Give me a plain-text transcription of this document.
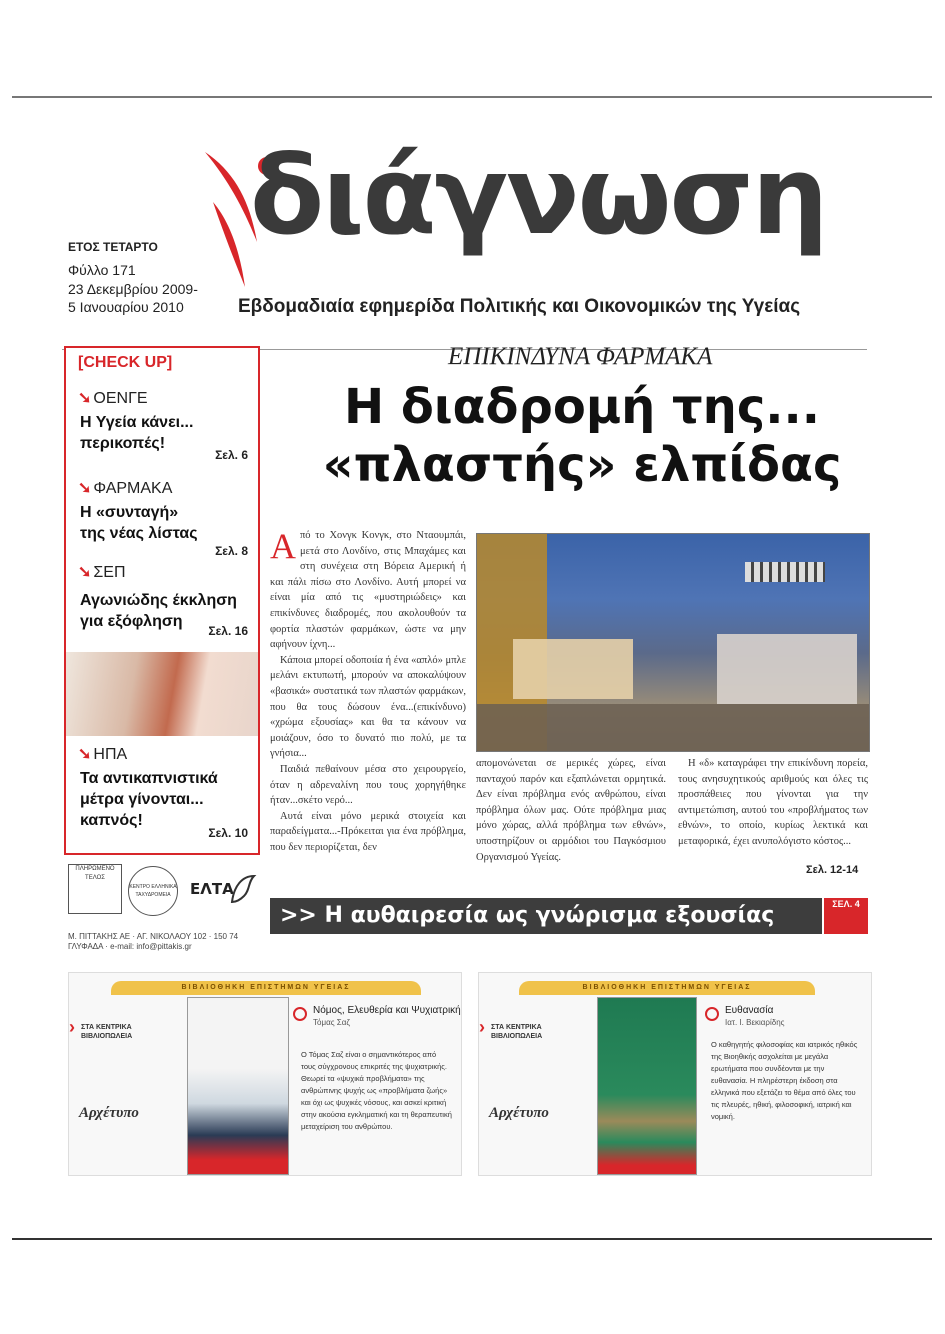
διάγνωση
ΕΤΟΣ ΤΕΤΑΡΤΟ
Φύλλο 171
23 Δεκεμβρίου 2009-
5 Ιανουαρίου 2010	Εβδομαδιαία εφημερίδα Πολιτικής και Οικονομικών της Υγείας
[CHECK UP]
➘ ΟΕΝΓΕ
Η Υγεία κάνει...
περικοπές!
Σελ. 6
➘ ΦΑΡΜΑΚΑ
Η «συνταγή»
της νέας λίστας
Σελ. 8
➘ ΣΕΠ
Αγωνιώδης έκκληση
για εξόφληση
Σελ. 16
➘ ΗΠΑ
Τα αντικαπνιστικά
μέτρα γίνονται...
καπνός!
Σελ. 10
ΕΠΙΚΙΝΔΥΝΑ ΦΑΡΜΑΚΑ
Η διαδρομή της...
«πλαστής» ελπίδας
Από το Χονγκ Κονγκ, στο Νταουμπάι, μετά στο Λονδίνο, στις Μπαχάμες και στη συνέχεια στη Βόρεια Αμερική ή και πάλι πίσω στο Λονδίνο. Αυτή μπορεί να είναι μία από τις «μυστηριώδεις» και επικίνδυνες διαδρομές, που ακολουθούν τα φορτία πλαστών φαρμάκων, ώστε να μην αφήνουν ίχνη...
Κάποια μπορεί οδοποιία ή ένα «απλό» μπλε μελάνι εκτυπωτή, μπορούν να αποκαλύψουν «βασικά» συστατικά των πλαστών φαρμάκων, που θα τους δώσουν ένα...(επικίνδυνο) «χρώμα εξουσίας» και θα τα κάνουν να μοιάζουν, όσο το δυνατό πιο πολύ, με τα γνήσια...
Παιδιά πεθαίνουν μέσα στο χειρουργείο, όταν η αδρεναλίνη που τους χορηγήθηκε ήταν...σκέτο νερό...
Αυτά είναι μόνο μερικά στοιχεία και παραδείγματα...-Πρόκειται για ένα πρόβλημα, που δεν περιορίζεται, δεν
απομονώνεται σε μερικές χώρες, είναι πανταχού παρόν και εξαπλώνεται ορμητικά. Δεν είναι πρόβλημα ενός ανθρώπου, είναι πρόβλημα όλων μας. Ούτε πρόβλημα μιας μόνο χώρας, αλλά πρόβλημα των εθνών», υποστηρίζουν οι αρμόδιοι του Παγκόσμιου Οργανισμού Υγείας.
Η «δ» καταγράφει την επικίνδυνη πορεία, τους ανησυχητικούς αριθμούς και όλες τις προσπάθειες που γίνονται για την αντιμετώπιση, αυτού του «προβλήματος των εθνών», το οποίο, κυρίως λεκτικά και μεταφορικά, έχει ανυπολόγιστο κόστος...
Σελ. 12-14
ΠΛΗΡΩΜΕΝΟ ΤΕΛΟΣ
ΚΕΝΤΡΟ ΕΛΛΗΝΙΚΑ ΤΑΧΥΔΡΟΜΕΙΑ	ΕΛΤΑ
Μ. ΠΙΤΤΑΚΗΣ ΑΕ · ΑΓ. ΝΙΚΟΛΑΟΥ 102 · 150 74 ΓΛΥΦΑΔΑ · e-mail: info@pittakis.gr
>> Η αυθαιρεσία ως γνώρισμα εξουσίας	ΣΕΛ. 4
ΒΙΒΛΙΟΘΗΚΗ ΕΠΙΣΤΗΜΩΝ ΥΓΕΙΑΣ
› ΣΤΑ ΚΕΝΤΡΙΚΑ ΒΙΒΛΙΟΠΩΛΕΙΑ
Αρχέτυπο
Νόμος, Ελευθερία και Ψυχιατρική
Τόμας Σαζ
Ο Τόμας Σαζ είναι ο σημαντικότερος από τους σύγχρονους επικριτές της ψυχιατρικής. Θεωρεί τα «ψυχικά προβλήματα» της ανθρώπινης ψυχής ως «προβλήματα ζωής» και όχι ως ψυχικές νόσους, και ασκεί κριτική στην ακούσια εγκληματική και τη θεραπευτική μεταχείριση του ανθρώπου.
ΒΙΒΛΙΟΘΗΚΗ ΕΠΙΣΤΗΜΩΝ ΥΓΕΙΑΣ
› ΣΤΑ ΚΕΝΤΡΙΚΑ ΒΙΒΛΙΟΠΩΛΕΙΑ
Αρχέτυπο
Ευθανασία
Ιατ. Ι. Βεκιαρίδης
Ο καθηγητής φιλοσοφίας και ιατρικός ηθικός της Βιοηθικής ασχολείται με μεγάλα ερωτήματα που συνδέονται με την ευθανασία. Η πληρέστερη έκδοση στα ελληνικά που εξετάζει το θέμα από όλες του τις πλευρές, ηθική, φιλοσοφική, ιατρική και νομική.
